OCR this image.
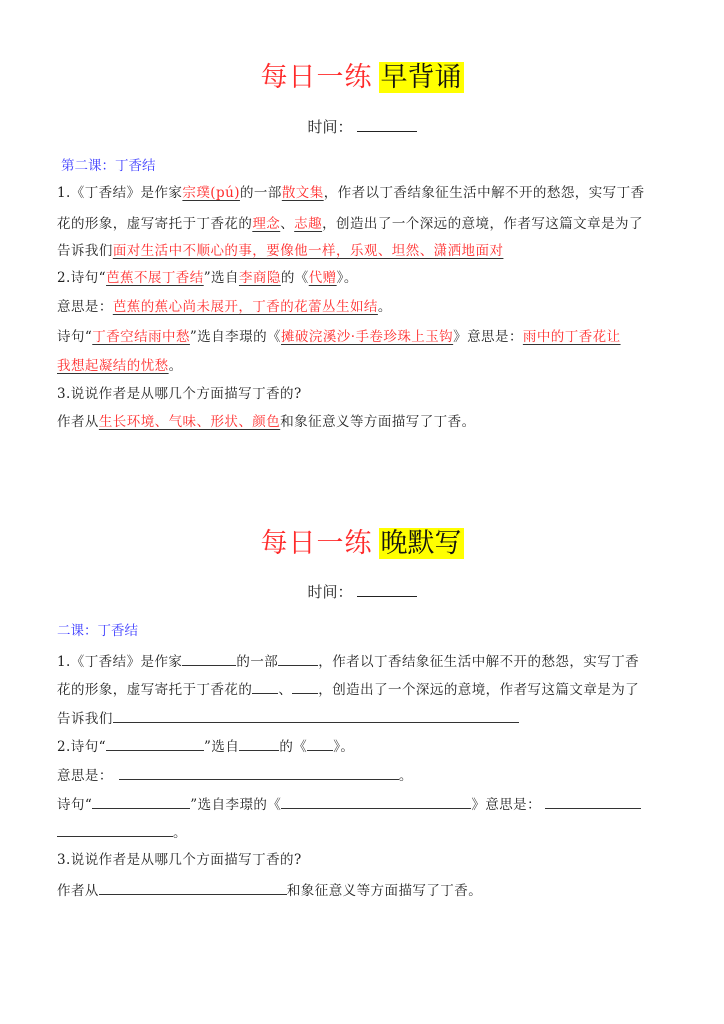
每日一练 早背诵
时间：
第二课：丁香结
1.《丁香结》是作家宗璞(pú)的一部散文集，作者以丁香结象征生活中解不开的愁怨，实写丁香
花的形象，虚写寄托于丁香花的理念、志趣，创造出了一个深远的意境，作者写这篇文章是为了
告诉我们面对生活中不顺心的事，要像他一样，乐观、坦然、潇洒地面对
2.诗句“芭蕉不展丁香结”选自李商隐的《代赠》。
意思是：芭蕉的蕉心尚未展开，丁香的花蕾丛生如结。
诗句“丁香空结雨中愁”选自李璟的《摊破浣溪沙·手卷珍珠上玉钩》意思是：雨中的丁香花让
我想起凝结的忧愁。
3.说说作者是从哪几个方面描写丁香的?
作者从生长环境、气味、形状、颜色和象征意义等方面描写了丁香。
每日一练 晚默写
时间：
二课：丁香结
1.《丁香结》是作家	的一部	，作者以丁香结象征生活中解不开的愁怨，实写丁香
花的形象，虚写寄托于丁香花的 、 ，创造出了一个深远的意境，作者写这篇文章是为了
告诉我们
2.诗句“	”选自	的《 》。
意思是：	。
诗句“	”选自李璟的《	》意思是：
。
3.说说作者是从哪几个方面描写丁香的?
作者从	和象征意义等方面描写了丁香。
